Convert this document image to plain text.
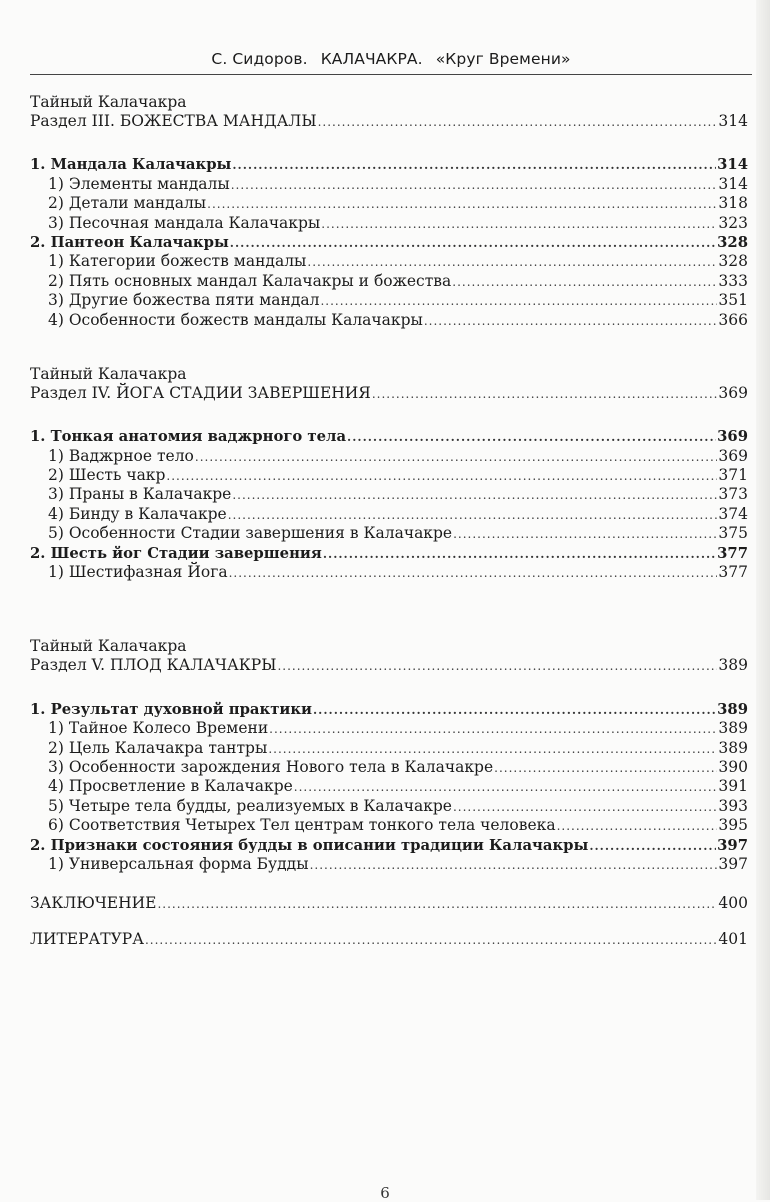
С. Сидоров. КАЛАЧАКРА. «Круг Времени»
Тайный Калачакра
Раздел III. БОЖЕСТВА МАНДАЛЫ .....	314
1. Мандала Калачакры .....	314
1) Элементы мандалы .....	314
2) Детали мандалы .....	318
3) Песочная мандала Калачакры .....	323
2. Пантеон Калачакры .....	328
1) Категории божеств мандалы .....	328
2) Пять основных мандал Калачакры и божества .....	333
3) Другие божества пяти мандал .....	351
4) Особенности божеств мандалы Калачакры .....	366
Тайный Калачакра
Раздел IV. ЙОГА СТАДИИ ЗАВЕРШЕНИЯ .....	369
1. Тонкая анатомия ваджрного тела .....	369
1) Ваджрное тело .....	369
2) Шесть чакр .....	371
3) Праны в Калачакре .....	373
4) Бинду в Калачакре .....	374
5) Особенности Стадии завершения в Калачакре .....	375
2. Шесть йог Стадии завершения .....	377
1) Шестифазная Йога .....	377
Тайный Калачакра
Раздел V. ПЛОД КАЛАЧАКРЫ .....	389
1. Результат духовной практики .....	389
1) Тайное Колесо Времени .....	389
2) Цель Калачакра тантры .....	389
3) Особенности зарождения Нового тела в Калачакре .....	390
4) Просветление в Калачакре .....	391
5) Четыре тела будды, реализуемых в Калачакре .....	393
6) Соответствия Четырех Тел центрам тонкого тела человека .....	395
2. Признаки состояния будды в описании традиции Калачакры .....	397
1) Универсальная форма Будды .....	397
ЗАКЛЮЧЕНИЕ .....	400
ЛИТЕРАТУРА .....	401
6
